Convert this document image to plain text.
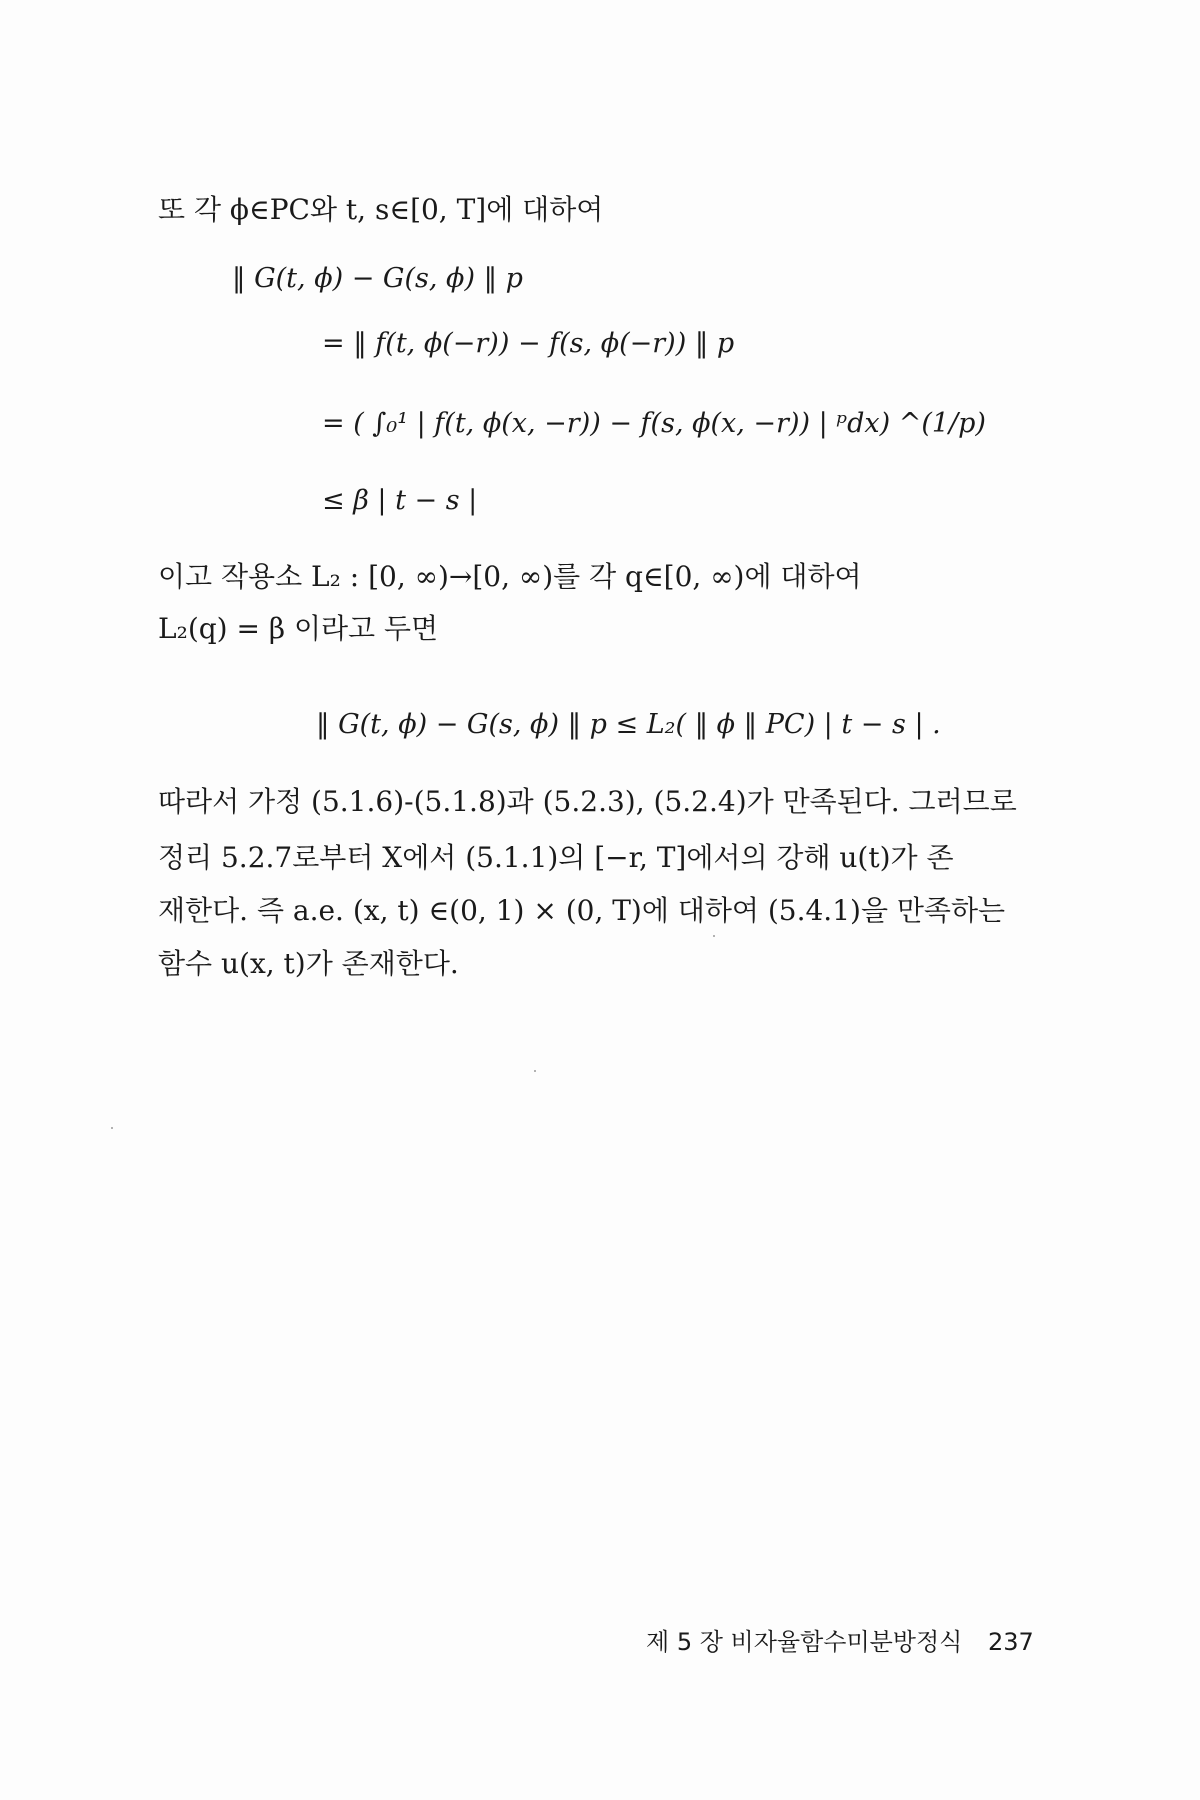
또 각 ϕ∈PC와 t, s∈[0, T]에 대하여
‖ G(t, ϕ) − G(s, ϕ) ‖ p
= ‖ f(t, ϕ(−r)) − f(s, ϕ(−r)) ‖ p
= ( ∫₀¹ | f(t, ϕ(x, −r)) − f(s, ϕ(x, −r)) | ᵖdx) ^(1/p)
≤ β | t − s |
이고 작용소 L₂ : [0, ∞)→[0, ∞)를 각 q∈[0, ∞)에 대하여
L₂(q) = β 이라고 두면
‖ G(t, ϕ) − G(s, ϕ) ‖ p ≤ L₂( ‖ ϕ ‖ PC) | t − s | .
따라서 가정 (5.1.6)-(5.1.8)과 (5.2.3), (5.2.4)가 만족된다. 그러므로
정리 5.2.7로부터 X에서 (5.1.1)의 [−r, T]에서의 강해 u(t)가 존
재한다. 즉 a.e. (x, t) ∈(0, 1) × (0, T)에 대하여 (5.4.1)을 만족하는
함수 u(x, t)가 존재한다.
제 5 장 비자율함수미분방정식 237
